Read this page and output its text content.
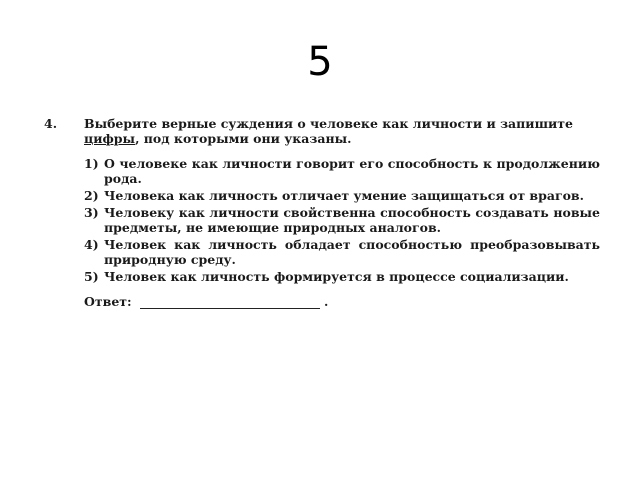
5
4.	Выберите верные суждения о человеке как личности и запишите цифры, под которыми они указаны.
1) О человеке как личности говорит его способность к продолжению рода.
2) Человека как личность отличает умение защищаться от врагов.
3) Человеку как личности свойственна способность создавать новые предметы, не имеющие природных аналогов.
4) Человек как личность обладает способностью преобразовывать природную среду.
5) Человек как личность формируется в процессе социализации.
Ответ:	.
